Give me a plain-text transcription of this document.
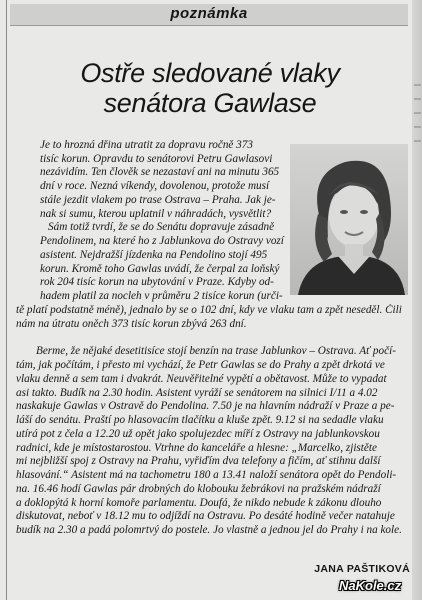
poznámka
Ostře sledované vlaky
senátora Gawlase
Je to hrozná dřina utratit za dopravu ročně 373
tisíc korun. Opravdu to senátorovi Petru Gawlasovi
nezávidím. Ten člověk se nezastaví ani na minutu 365
dní v roce. Nezná víkendy, dovolenou, protože musí
stále jezdit vlakem po trase Ostrava – Praha. Jak je-
nak si sumu, kterou uplatnil v náhradách, vysvětlit?
Sám totiž tvrdí, že se do Senátu dopravuje zásadně
Pendolinem, na které ho z Jablunkova do Ostravy vozí
asistent. Nejdražší jízdenka na Pendolino stojí 495
korun. Kromě toho Gawlas uvádí, že čerpal za loňský
rok 204 tisíc korun na ubytování v Praze. Kdyby od-
hadem platil za nocleh v průměru 2 tisíce korun (urči-
tě platí podstatně méně), jednalo by se o 102 dní, kdy ve vlaku tam a zpět neseděl. Čili
nám na útratu oněch 373 tisíc korun zbývá 263 dní.
Berme, že nějaké desetitisíce stojí benzín na trase Jablunkov – Ostrava. Ať počí-
tám, jak počítám, i přesto mi vychází, že Petr Gawlas se do Prahy a zpět drkotá ve
vlaku denně a sem tam i dvakrát. Neuvěřitelné vypětí a obětavost. Může to vypadat
asi takto. Budík na 2.30 hodin. Asistent vyráží se senátorem na silnici I/11 a 4.02
naskakuje Gawlas v Ostravě do Pendolina. 7.50 je na hlavním nádraží v Praze a pe-
láší do senátu. Praští po hlasovacím tlačítku a kluše zpět. 9.12 si na sedadle vlaku
utírá pot z čela a 12.20 už opět jako spolujezdec míří z Ostravy na jablunkovskou
radnici, kde je místostarostou. Vtrhne do kanceláře a hlesne: „Marcelko, zjistěte
mi nejbližší spoj z Ostravy na Prahu, vyřiďím dva telefony a fičím, ať stihnu další
hlasování.“ Asistent má na tachometru 180 a 13.41 naloží senátora opět do Pendoli-
na. 16.46 hodí Gawlas pár drobných do klobouku žebrákovi na pražském nádraží
a doklopýtá k horní komoře parlamentu. Doufá, že nikdo nebude k zákonu dlouho
diskutovat, neboť v 18.12 mu to odjíždí na Ostravu. Po desáté hodině večer natahuje
budík na 2.30 a padá polomrtvý do postele. Jo vlastně a jednou jel do Prahy i na kole.
JANA PAŠTIKOVÁ
NaKole.cz
